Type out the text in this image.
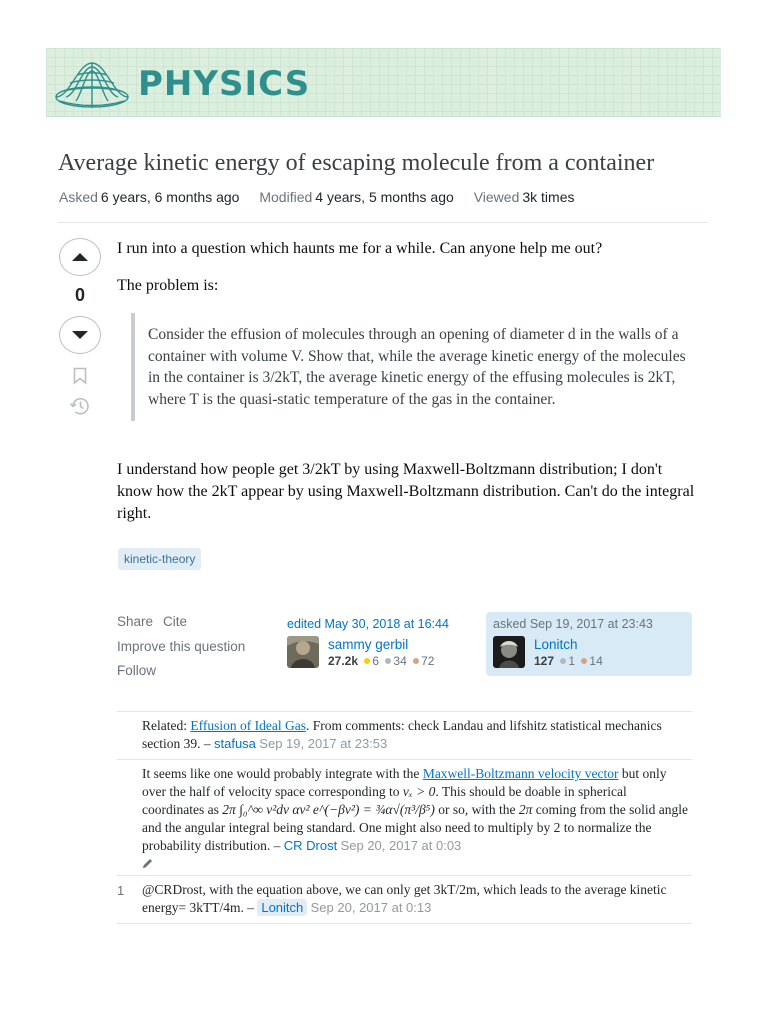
PHYSICS
Average kinetic energy of escaping molecule from a container
Asked 6 years, 6 months ago Modified 4 years, 5 months ago Viewed 3k times
0

I run into a question which haunts me for a while. Can anyone help me out?

The problem is:

Consider the effusion of molecules through an opening of diameter d in the walls of a container with volume V. Show that, while the average kinetic energy of the molecules in the container is 3/2kT, the average kinetic energy of the effusing molecules is 2kT, where T is the quasi-static temperature of the gas in the container.

I understand how people get 3/2kT by using Maxwell-Boltzmann distribution; I don't know how the 2kT appear by using Maxwell-Boltzmann distribution. Can't do the integral right.

kinetic-theory
Share Cite
Improve this question
Follow
edited May 30, 2018 at 16:44
sammy gerbil
27.2k 6 34 72
asked Sep 19, 2017 at 23:43
Lonitch
127 1 14
Related: Effusion of Ideal Gas. From comments: check Landau and lifshitz statistical mechanics section 39. – stafusa Sep 19, 2017 at 23:53
It seems like one would probably integrate with the Maxwell-Boltzmann velocity vector but only over the half of velocity space corresponding to vₓ > 0. This should be doable in spherical coordinates as 2π ∫₀^∞ v²dv αv² e^(−βv²) = ¾α√(π³/β⁵) or so, with the 2π coming from the solid angle and the angular integral being standard. One might also need to multiply by 2 to normalize the probability distribution. – CR Drost Sep 20, 2017 at 0:03
1 @CRDrost, with the equation above, we can only get 3kT/2m, which leads to the average kinetic energy= 3kTT/4m. – Lonitch Sep 20, 2017 at 0:13
